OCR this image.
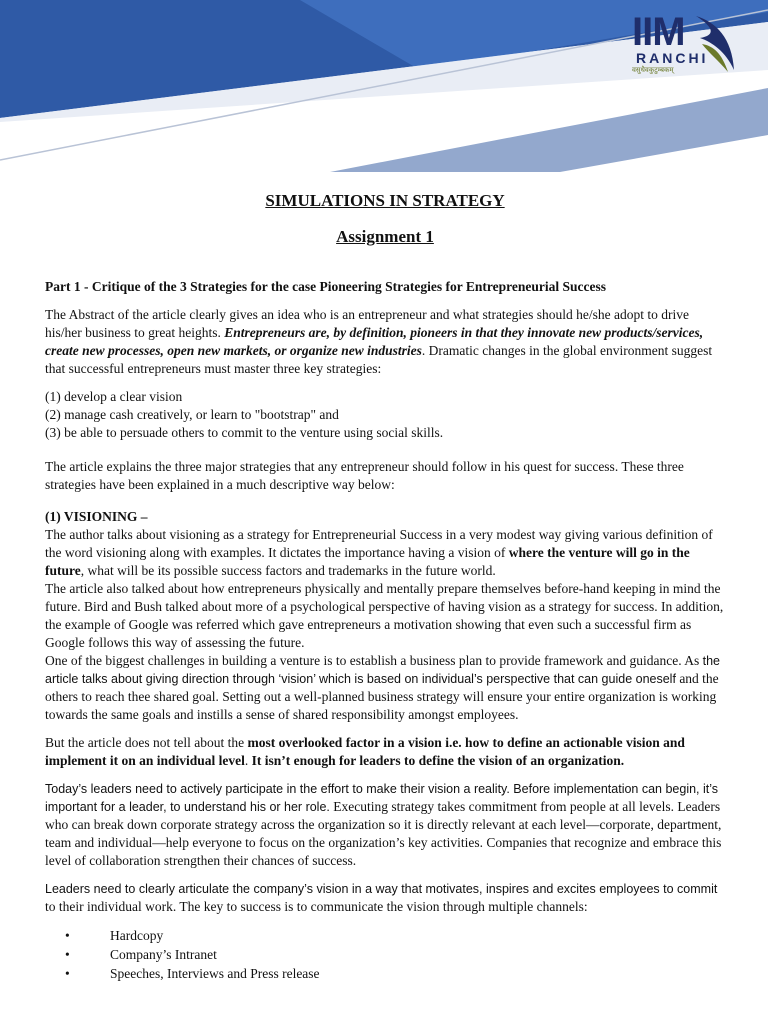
IIM
RANCHI
वसुधैवकुटुम्बकम्
SIMULATIONS IN STRATEGY
Assignment 1
Part 1 - Critique of the 3 Strategies for the case Pioneering Strategies for Entrepreneurial Success
The Abstract of the article clearly gives an idea who is an entrepreneur and what strategies should he/she adopt to drive his/her business to great heights. Entrepreneurs are, by definition, pioneers in that they innovate new products/services, create new processes, open new markets, or organize new industries. Dramatic changes in the global environment suggest that successful entrepreneurs must master three key strategies:
(1) develop a clear vision
(2) manage cash creatively, or learn to "bootstrap" and
(3) be able to persuade others to commit to the venture using social skills.
The article explains the three major strategies that any entrepreneur should follow in his quest for success. These three strategies have been explained in a much descriptive way below:
(1) VISIONING –
The author talks about visioning as a strategy for Entrepreneurial Success in a very modest way giving various definition of the word visioning along with examples. It dictates the importance having a vision of where the venture will go in the future, what will be its possible success factors and trademarks in the future world.
The article also talked about how entrepreneurs physically and mentally prepare themselves before-hand keeping in mind the future. Bird and Bush talked about more of a psychological perspective of having vision as a strategy for success. In addition, the example of Google was referred which gave entrepreneurs a motivation showing that even such a successful firm as Google follows this way of assessing the future.
One of the biggest challenges in building a venture is to establish a business plan to provide framework and guidance. As the article talks about giving direction through ‘vision’ which is based on individual’s perspective that can guide oneself and the others to reach thee shared goal. Setting out a well-planned business strategy will ensure your entire organization is working towards the same goals and instills a sense of shared responsibility amongst employees.
But the article does not tell about the most overlooked factor in a vision i.e. how to define an actionable vision and implement it on an individual level. It isn’t enough for leaders to define the vision of an organization.
Today’s leaders need to actively participate in the effort to make their vision a reality. Before implementation can begin, it’s important for a leader, to understand his or her role. Executing strategy takes commitment from people at all levels. Leaders who can break down corporate strategy across the organization so it is directly relevant at each level—corporate, department, team and individual—help everyone to focus on the organization’s key activities. Companies that recognize and embrace this level of collaboration strengthen their chances of success.
Leaders need to clearly articulate the company’s vision in a way that motivates, inspires and excites employees to commit to their individual work. The key to success is to communicate the vision through multiple channels:
• Hardcopy
• Company’s Intranet
• Speeches, Interviews and Press release
